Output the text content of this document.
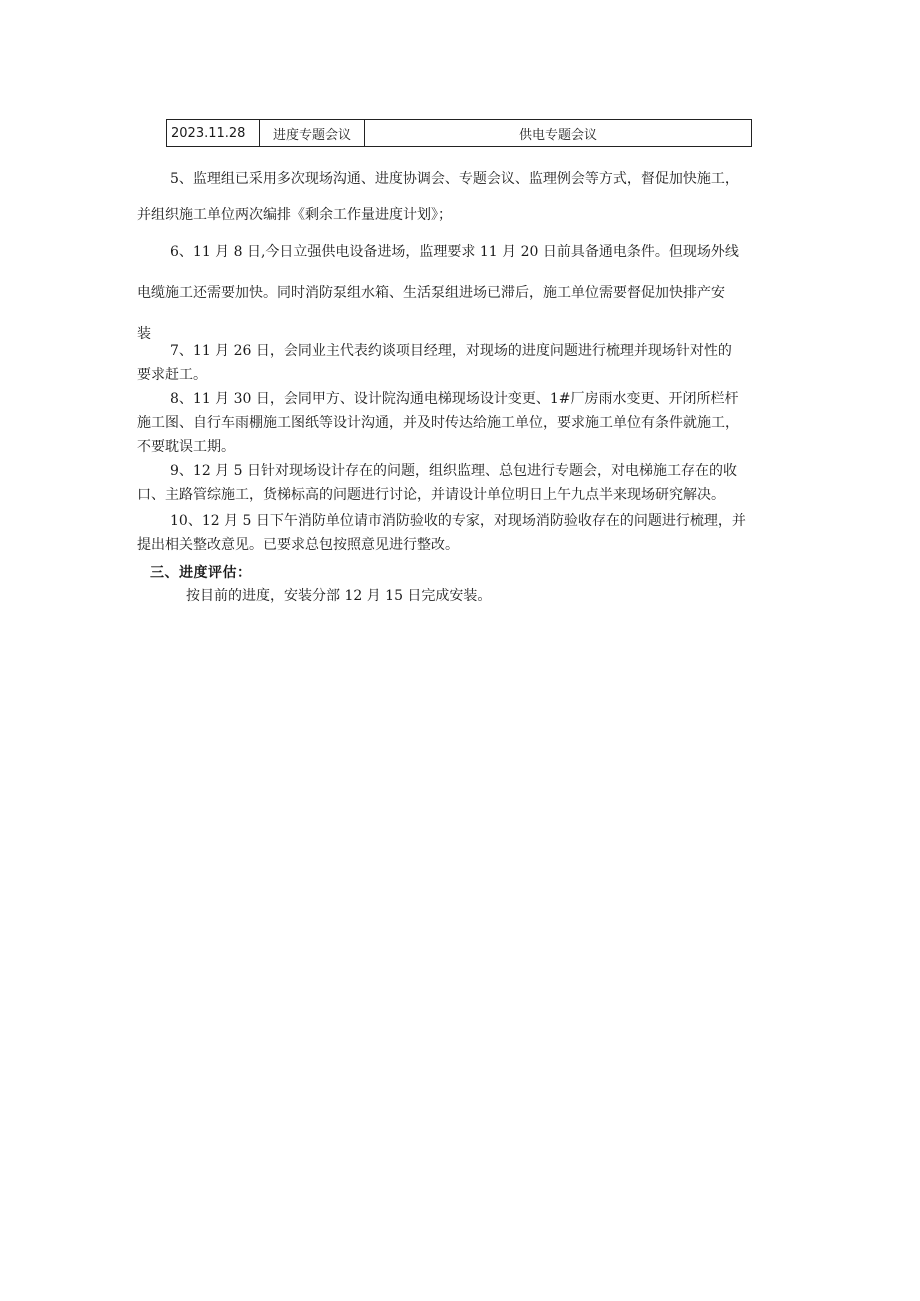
2023.11.28	进度专题会议	供电专题会议
5、监理组已采用多次现场沟通、进度协调会、专题会议、监理例会等方式，督促加快施工，
并组织施工单位两次编排《剩余工作量进度计划》；
6、11 月 8 日,今日立强供电设备进场，监理要求 11 月 20 日前具备通电条件。但现场外线
电缆施工还需要加快。同时消防泵组水箱、生活泵组进场已滞后，施工单位需要督促加快排产安
装
7、11 月 26 日，会同业主代表约谈项目经理，对现场的进度问题进行梳理并现场针对性的
要求赶工。
8、11 月 30 日，会同甲方、设计院沟通电梯现场设计变更、1#厂房雨水变更、开闭所栏杆
施工图、自行车雨棚施工图纸等设计沟通，并及时传达给施工单位，要求施工单位有条件就施工，
不要耽误工期。
9、12 月 5 日针对现场设计存在的问题，组织监理、总包进行专题会，对电梯施工存在的收
口、主路管综施工，货梯标高的问题进行讨论，并请设计单位明日上午九点半来现场研究解决。
10、12 月 5 日下午消防单位请市消防验收的专家，对现场消防验收存在的问题进行梳理，并
提出相关整改意见。已要求总包按照意见进行整改。
三、进度评估：
按目前的进度，安装分部 12 月 15 日完成安装。
